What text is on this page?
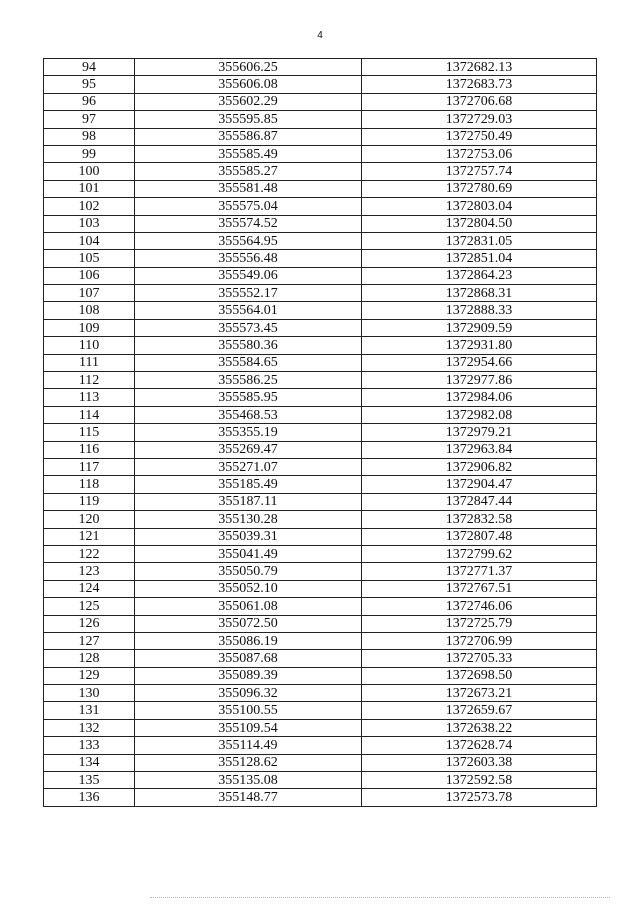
4
94	355606.25	1372682.13
95	355606.08	1372683.73
96	355602.29	1372706.68
97	355595.85	1372729.03
98	355586.87	1372750.49
99	355585.49	1372753.06
100	355585.27	1372757.74
101	355581.48	1372780.69
102	355575.04	1372803.04
103	355574.52	1372804.50
104	355564.95	1372831.05
105	355556.48	1372851.04
106	355549.06	1372864.23
107	355552.17	1372868.31
108	355564.01	1372888.33
109	355573.45	1372909.59
110	355580.36	1372931.80
111	355584.65	1372954.66
112	355586.25	1372977.86
113	355585.95	1372984.06
114	355468.53	1372982.08
115	355355.19	1372979.21
116	355269.47	1372963.84
117	355271.07	1372906.82
118	355185.49	1372904.47
119	355187.11	1372847.44
120	355130.28	1372832.58
121	355039.31	1372807.48
122	355041.49	1372799.62
123	355050.79	1372771.37
124	355052.10	1372767.51
125	355061.08	1372746.06
126	355072.50	1372725.79
127	355086.19	1372706.99
128	355087.68	1372705.33
129	355089.39	1372698.50
130	355096.32	1372673.21
131	355100.55	1372659.67
132	355109.54	1372638.22
133	355114.49	1372628.74
134	355128.62	1372603.38
135	355135.08	1372592.58
136	355148.77	1372573.78
